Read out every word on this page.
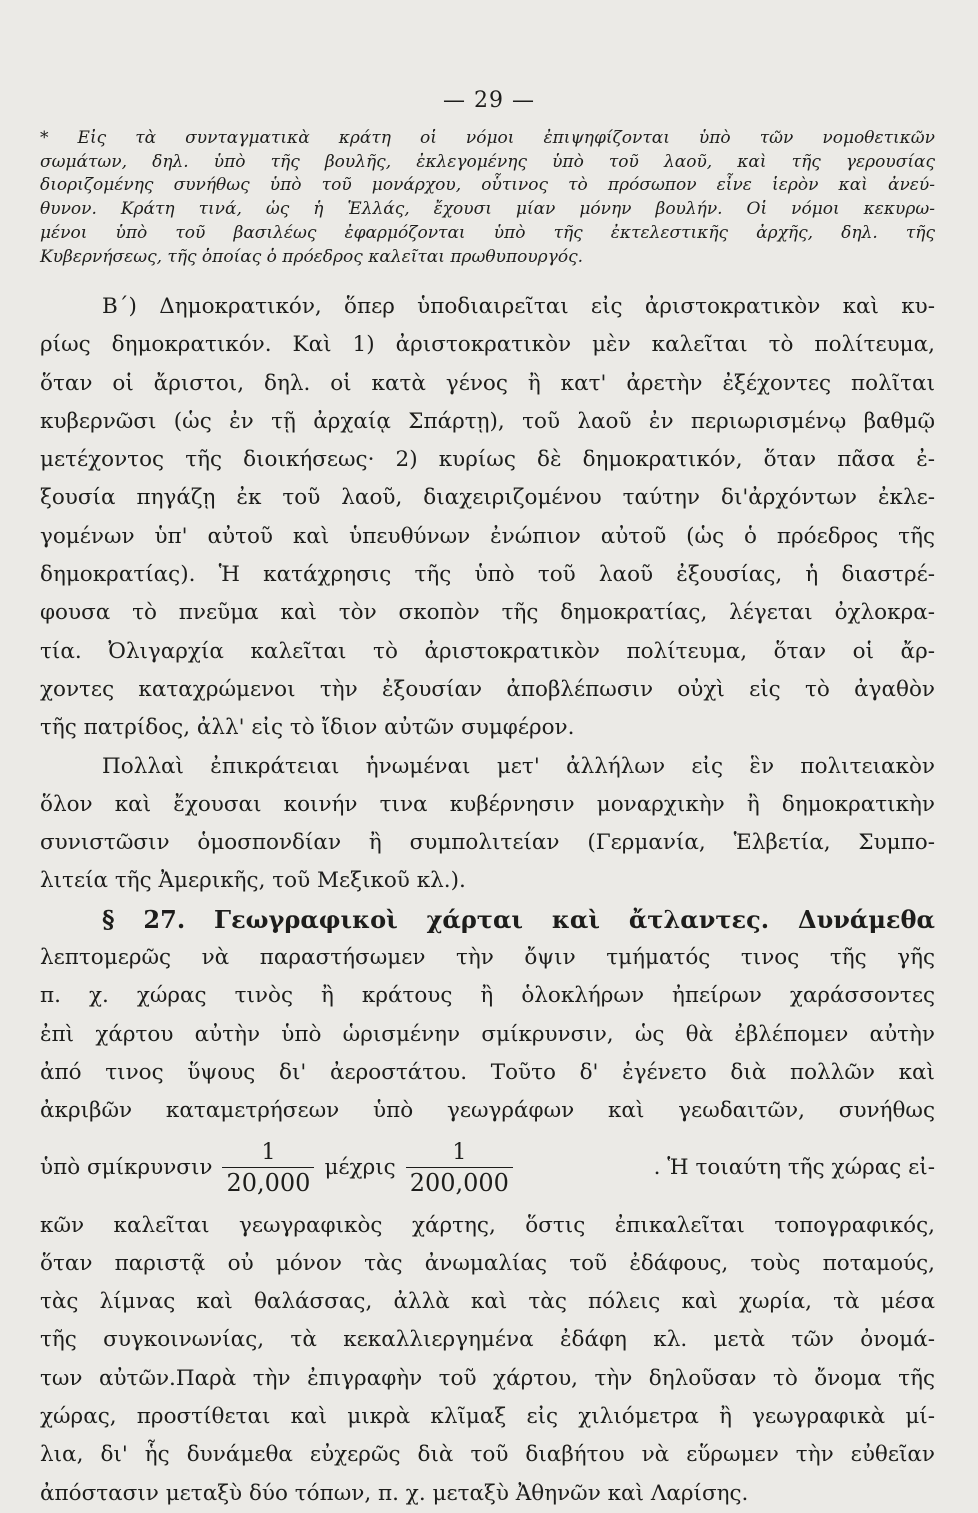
— 29 —
* Εἰς τὰ συνταγματικὰ κράτη οἱ νόμοι ἐπιψηφίζονται ὑπὸ τῶν νομοθετικῶν
σωμάτων, δηλ. ὑπὸ τῆς βουλῆς, ἐκλεγομένης ὑπὸ τοῦ λαοῦ, καὶ τῆς γερουσίας
διοριζομένης συνήθως ὑπὸ τοῦ μονάρχου, οὗτινος τὸ πρόσωπον εἶνε ἱερὸν καὶ ἀνεύ-
θυνον. Κράτη τινά, ὡς ἡ Ἑλλάς, ἔχουσι μίαν μόνην βουλήν. Οἱ νόμοι κεκυρω-
μένοι ὑπὸ τοῦ βασιλέως ἐφαρμόζονται ὑπὸ τῆς ἐκτελεστικῆς ἀρχῆς, δηλ. τῆς
Κυβερνήσεως, τῆς ὁποίας ὁ πρόεδρος καλεῖται πρωθυπουργός.
Β΄) Δημοκρατικόν, ὅπερ ὑποδιαιρεῖται εἰς ἀριστοκρατικὸν καὶ κυ-
ρίως δημοκρατικόν. Καὶ 1) ἀριστοκρατικὸν μὲν καλεῖται τὸ πολίτευμα,
ὅταν οἱ ἄριστοι, δηλ. οἱ κατὰ γένος ἢ κατ' ἀρετὴν ἐξέχοντες πολῖται
κυβερνῶσι (ὡς ἐν τῇ ἀρχαίᾳ Σπάρτῃ), τοῦ λαοῦ ἐν περιωρισμένῳ βαθμῷ
μετέχοντος τῆς διοικήσεως· 2) κυρίως δὲ δημοκρατικόν, ὅταν πᾶσα ἐ-
ξουσία πηγάζῃ ἐκ τοῦ λαοῦ, διαχειριζομένου ταύτην δι'ἀρχόντων ἐκλε-
γομένων ὑπ' αὐτοῦ καὶ ὑπευθύνων ἐνώπιον αὐτοῦ (ὡς ὁ πρόεδρος τῆς
δημοκρατίας). Ἡ κατάχρησις τῆς ὑπὸ τοῦ λαοῦ ἐξουσίας, ἡ διαστρέ-
φουσα τὸ πνεῦμα καὶ τὸν σκοπὸν τῆς δημοκρατίας, λέγεται ὀχλοκρα-
τία. Ὀλιγαρχία καλεῖται τὸ ἀριστοκρατικὸν πολίτευμα, ὅταν οἱ ἄρ-
χοντες καταχρώμενοι τὴν ἐξουσίαν ἀποβλέπωσιν οὐχὶ εἰς τὸ ἀγαθὸν
τῆς πατρίδος, ἀλλ' εἰς τὸ ἴδιον αὐτῶν συμφέρον.
Πολλαὶ ἐπικράτειαι ἡνωμέναι μετ' ἀλλήλων εἰς ἓν πολιτειακὸν
ὅλον καὶ ἔχουσαι κοινήν τινα κυβέρνησιν μοναρχικὴν ἢ δημοκρατικὴν
συνιστῶσιν ὁμοσπονδίαν ἢ συμπολιτείαν (Γερμανία, Ἑλβετία, Συμπο-
λιτεία τῆς Ἀμερικῆς, τοῦ Μεξικοῦ κλ.).
§ 27. Γεωγραφικοὶ χάρται καὶ ἄτλαντες. Δυνάμεθα
λεπτομερῶς νὰ παραστήσωμεν τὴν ὄψιν τμήματός τινος τῆς γῆς
π. χ. χώρας τινὸς ἢ κράτους ἢ ὁλοκλήρων ἠπείρων χαράσσοντες
ἐπὶ χάρτου αὐτὴν ὑπὸ ὡρισμένην σμίκρυνσιν, ὡς θὰ ἐβλέπομεν αὐτὴν
ἀπό τινος ὕψους δι' ἀεροστάτου. Τοῦτο δ' ἐγένετο διὰ πολλῶν καὶ
ἀκριβῶν καταμετρήσεων ὑπὸ γεωγράφων καὶ γεωδαιτῶν, συνήθως
ὑπὸ σμίκρυνσιν $\frac{1}{20,000}$ μέχρις $\frac{1}{200,000}$	. Ἡ τοιαύτη τῆς χώρας εἰ-
κῶν καλεῖται γεωγραφικὸς χάρτης, ὅστις ἐπικαλεῖται τοπογραφικός,
ὅταν παριστᾷ οὐ μόνον τὰς ἀνωμαλίας τοῦ ἐδάφους, τοὺς ποταμούς,
τὰς λίμνας καὶ θαλάσσας, ἀλλὰ καὶ τὰς πόλεις καὶ χωρία, τὰ μέσα
τῆς συγκοινωνίας, τὰ κεκαλλιεργημένα ἐδάφη κλ. μετὰ τῶν ὀνομά-
των αὐτῶν.Παρὰ τὴν ἐπιγραφὴν τοῦ χάρτου, τὴν δηλοῦσαν τὸ ὄνομα τῆς
χώρας, προστίθεται καὶ μικρὰ κλῖμαξ εἰς χιλιόμετρα ἢ γεωγραφικὰ μί-
λια, δι' ἧς δυνάμεθα εὐχερῶς διὰ τοῦ διαβήτου νὰ εὕρωμεν τὴν εὐθεῖαν
ἀπόστασιν μεταξὺ δύο τόπων, π. χ. μεταξὺ Ἀθηνῶν καὶ Λαρίσης.
